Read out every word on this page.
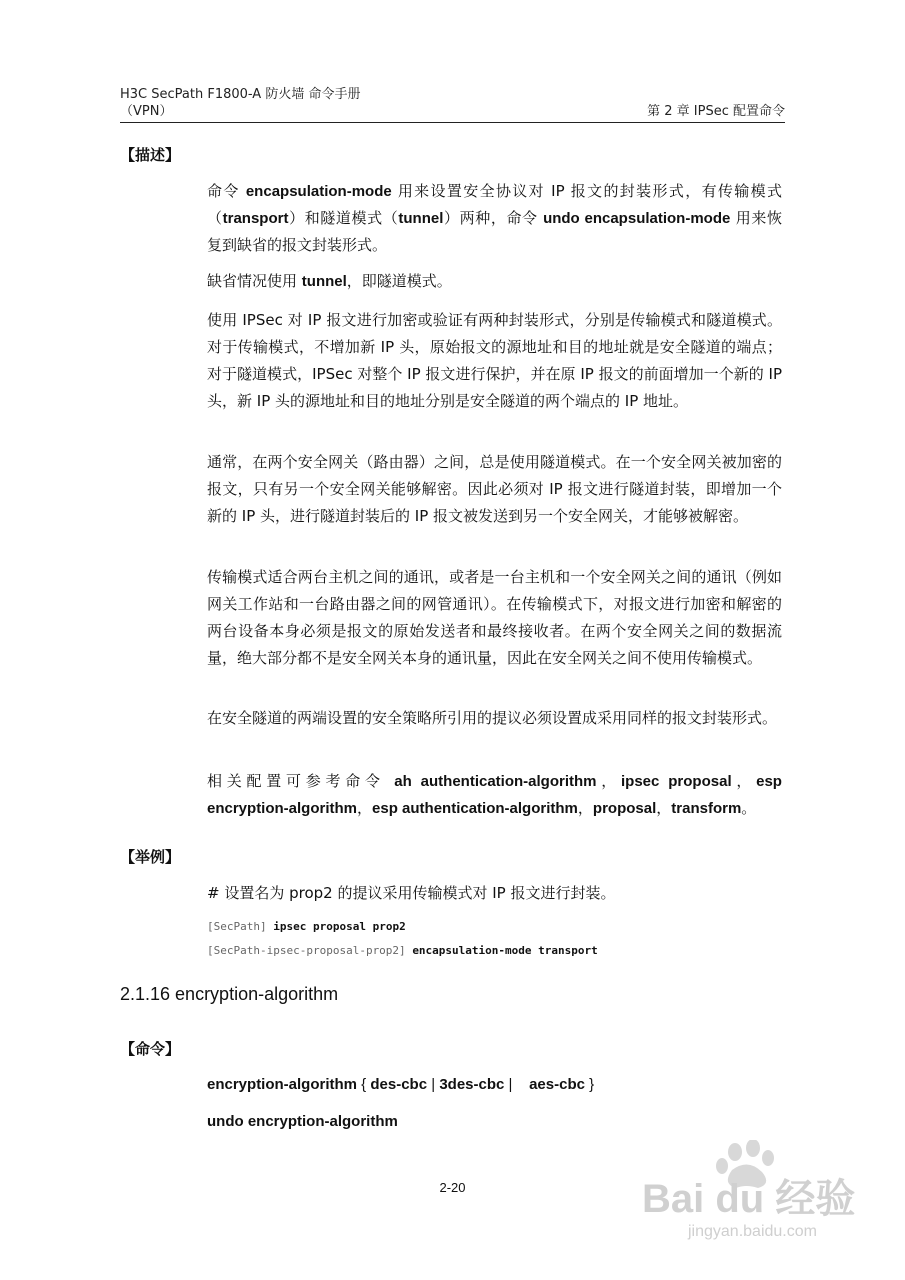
H3C SecPath F1800-A 防火墙 命令手册
（VPN）	第 2 章 IPSec 配置命令
【描述】
命令 encapsulation-mode 用来设置安全协议对 IP 报文的封装形式，有传输模式（transport）和隧道模式（tunnel）两种，命令 undo encapsulation-mode 用来恢复到缺省的报文封装形式。
缺省情况使用 tunnel，即隧道模式。
使用 IPSec 对 IP 报文进行加密或验证有两种封装形式，分别是传输模式和隧道模式。对于传输模式，不增加新 IP 头，原始报文的源地址和目的地址就是安全隧道的端点；对于隧道模式，IPSec 对整个 IP 报文进行保护，并在原 IP 报文的前面增加一个新的 IP 头，新 IP 头的源地址和目的地址分别是安全隧道的两个端点的 IP 地址。
通常，在两个安全网关（路由器）之间，总是使用隧道模式。在一个安全网关被加密的报文，只有另一个安全网关能够解密。因此必须对 IP 报文进行隧道封装，即增加一个新的 IP 头，进行隧道封装后的 IP 报文被发送到另一个安全网关，才能够被解密。
传输模式适合两台主机之间的通讯，或者是一台主机和一个安全网关之间的通讯（例如网关工作站和一台路由器之间的网管通讯）。在传输模式下，对报文进行加密和解密的两台设备本身必须是报文的原始发送者和最终接收者。在两个安全网关之间的数据流量，绝大部分都不是安全网关本身的通讯量，因此在安全网关之间不使用传输模式。
在安全隧道的两端设置的安全策略所引用的提议必须设置成采用同样的报文封装形式。
相关配置可参考命令 ah authentication-algorithm，ipsec proposal，esp encryption-algorithm，esp authentication-algorithm，proposal，transform。
【举例】
# 设置名为 prop2 的提议采用传输模式对 IP 报文进行封装。
[SecPath] ipsec proposal prop2
[SecPath-ipsec-proposal-prop2] encapsulation-mode transport
2.1.16 encryption-algorithm
【命令】
encryption-algorithm { des-cbc | 3des-cbc |    aes-cbc }
undo encryption-algorithm
2-20	Bai du 经验
jingyan.baidu.com
